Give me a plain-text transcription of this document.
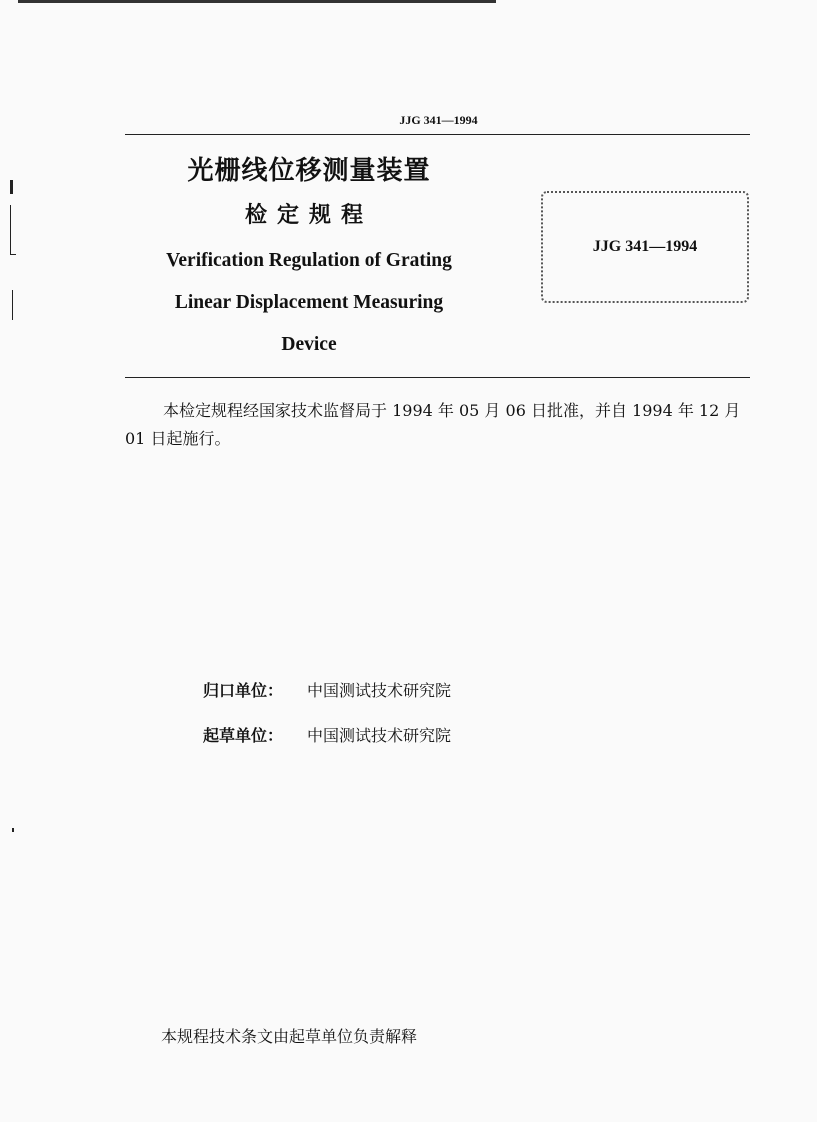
JJG 341—1994
光栅线位移测量装置
检定规程
Verification Regulation of Grating
Linear Displacement Measuring
Device
JJG 341—1994
本检定规程经国家技术监督局于 1994 年 05 月 06 日批准，并自 1994 年 12 月 01 日起施行。
归口单位： 中国测试技术研究院
起草单位： 中国测试技术研究院
本规程技术条文由起草单位负责解释
